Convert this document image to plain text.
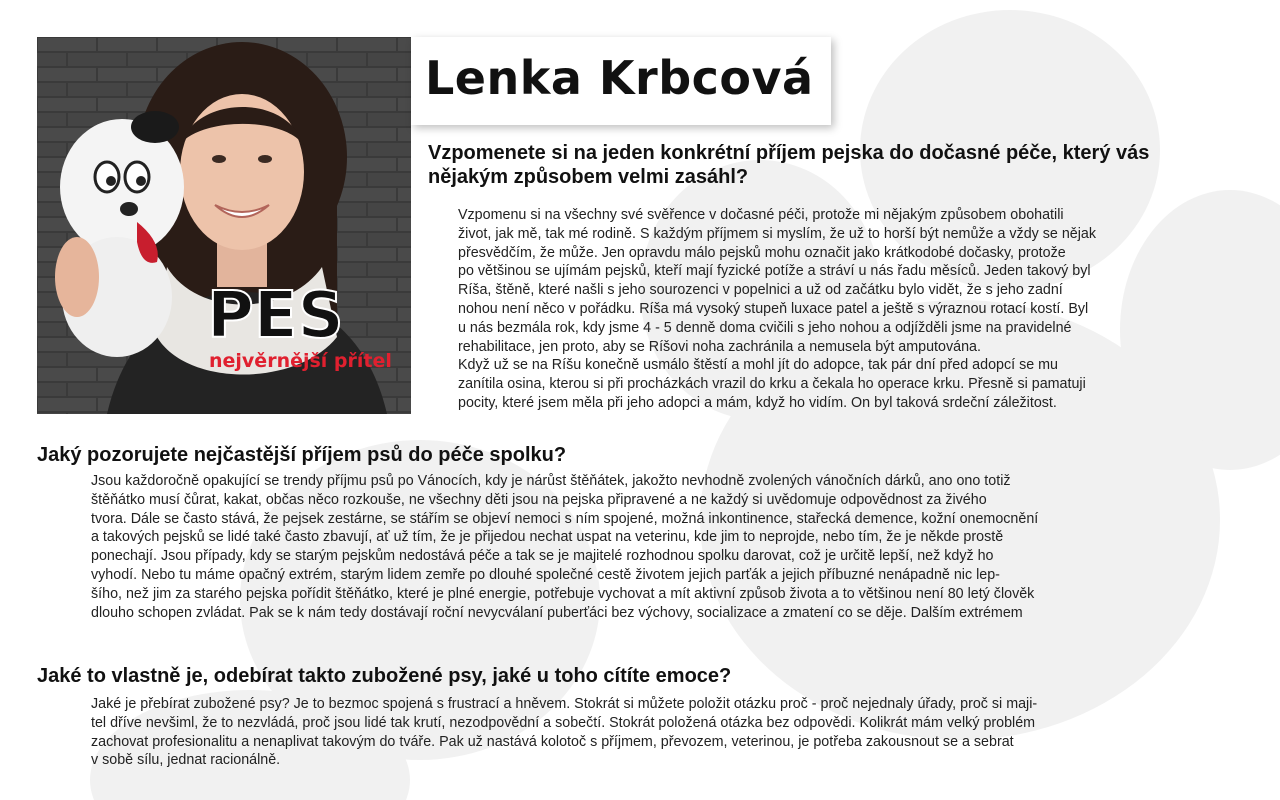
PES
nejvěrnější přítel
Lenka Krbcová
Vzpomenete si na jeden konkrétní příjem pejska do dočasné péče, který vás
nějakým způsobem velmi zasáhl?

Vzpomenu si na všechny své svěřence v dočasné péči, protože mi nějakým způsobem obohatili
život, jak mě, tak mé rodině. S každým příjmem si myslím, že už to horší být nemůže a vždy se nějak
přesvědčím, že může. Jen opravdu málo pejsků mohu označit jako krátkodobé dočasky, protože
po většinou se ujímám pejsků, kteří mají fyzické potíže a stráví u nás řadu měsíců. Jeden takový byl
Ríša, štěně, které našli s jeho sourozenci v popelnici a už od začátku bylo vidět, že s jeho zadní
nohou není něco v pořádku. Ríša má vysoký stupeň luxace patel a ještě s výraznou rotací kostí. Byl
u nás bezmála rok, kdy jsme 4 - 5 denně doma cvičili s jeho nohou a odjížděli jsme na pravidelné
rehabilitace, jen proto, aby se Ríšovi noha zachránila a nemusela být amputována.
Když už se na Ríšu konečně usmálo štěstí a mohl jít do adopce, tak pár dní před adopcí se mu
zanítila osina, kterou si při procházkách vrazil do krku a čekala ho operace krku. Přesně si pamatuji
pocity, které jsem měla při jeho adopci a mám, když ho vidím. On byl taková srdeční záležitost.

Jaký pozorujete nejčastější příjem psů do péče spolku?

Jsou každoročně opakující se trendy příjmu psů po Vánocích, kdy je nárůst štěňátek, jakožto nevhodně zvolených vánočních dárků, ano ono totiž
štěňátko musí čůrat, kakat, občas něco rozkouše, ne všechny děti jsou na pejska připravené a ne každý si uvědomuje odpovědnost za živého
tvora. Dále se často stává, že pejsek zestárne, se stářím se objeví nemoci s ním spojené, možná inkontinence, stařecká demence, kožní onemocnění
a takových pejsků se lidé také často zbavují, ať už tím, že je přijedou nechat uspat na veterinu, kde jim to neprojde, nebo tím, že je někde prostě
ponechají. Jsou případy, kdy se starým pejskům nedostává péče a tak se je majitelé rozhodnou spolku darovat, což je určitě lepší, než když ho
vyhodí. Nebo tu máme opačný extrém, starým lidem zemře po dlouhé společné cestě životem jejich parťák a jejich příbuzné nenápadně nic lep-
šího, než jim za starého pejska pořídit štěňátko, které je plné energie, potřebuje vychovat a mít aktivní způsob života a to většinou není 80 letý člověk
dlouho schopen zvládat. Pak se k nám tedy dostávají roční nevycválaní puberťáci bez výchovy, socializace a zmatení co se děje. Dalším extrémem

Jaké to vlastně je, odebírat takto zubožené psy, jaké u toho cítíte emoce?

Jaké je přebírat zubožené psy? Je to bezmoc spojená s frustrací a hněvem. Stokrát si můžete položit otázku proč - proč nejednaly úřady, proč si maji-
tel dříve nevšiml, že to nezvládá, proč jsou lidé tak krutí, nezodpovědní a sobečtí. Stokrát položená otázka bez odpovědi. Kolikrát mám velký problém
zachovat profesionalitu a nenaplivat takovým do tváře. Pak už nastává kolotoč s příjmem, převozem, veterinou, je potřeba zakousnout se a sebrat
v sobě sílu, jednat racionálně.
